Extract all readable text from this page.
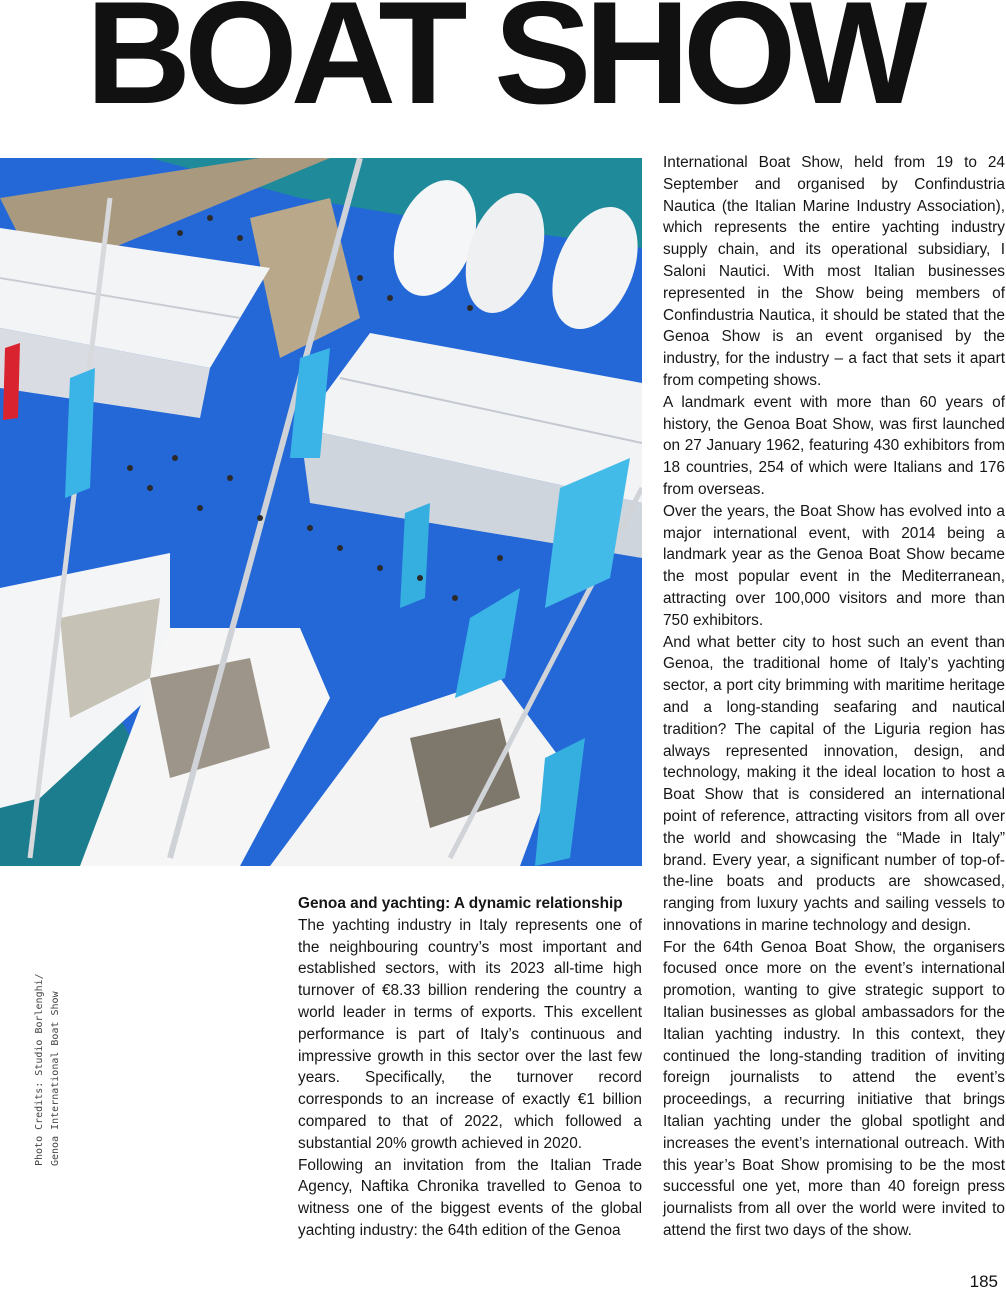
BOAT SHOW
Photo Credits: Studio Borlenghi/ Genoa International Boat Show

Genoa and yachting: A dynamic relationship

The yachting industry in Italy represents one of the neighbouring country’s most important and established sectors, with its 2023 all-time high turnover of €8.33 billion rendering the country a world leader in terms of exports. This excellent performance is part of Italy’s continuous and impressive growth in this sector over the last few years. Specifically, the turnover record corresponds to an increase of exactly €1 billion compared to that of 2022, which followed a substantial 20% growth achieved in 2020.

Following an invitation from the Italian Trade Agency, Naftika Chronika travelled to Genoa to witness one of the biggest events of the global yachting industry: the 64th edition of the Genoa

International Boat Show, held from 19 to 24 September and organised by Confindustria Nautica (the Italian Marine Industry Association), which represents the entire yachting industry supply chain, and its operational subsidiary, I Saloni Nautici. With most Italian businesses represented in the Show being members of Confindustria Nautica, it should be stated that the Genoa Show is an event organised by the industry, for the industry – a fact that sets it apart from competing shows.

A landmark event with more than 60 years of history, the Genoa Boat Show, was first launched on 27 January 1962, featuring 430 exhibitors from 18 countries, 254 of which were Italians and 176 from overseas.

Over the years, the Boat Show has evolved into a major international event, with 2014 being a landmark year as the Genoa Boat Show became the most popular event in the Mediterranean, attracting over 100,000 visitors and more than 750 exhibitors.

And what better city to host such an event than Genoa, the traditional home of Italy’s yachting sector, a port city brimming with maritime heritage and a long-standing seafaring and nautical tradition? The capital of the Liguria region has always represented innovation, design, and technology, making it the ideal location to host a Boat Show that is considered an international point of reference, attracting visitors from all over the world and showcasing the “Made in Italy” brand. Every year, a significant number of top-of-the-line boats and products are showcased, ranging from luxury yachts and sailing vessels to innovations in marine technology and design.

For the 64th Genoa Boat Show, the organisers focused once more on the event’s international promotion, wanting to give strategic support to Italian businesses as global ambassadors for the Italian yachting industry. In this context, they continued the long-standing tradition of inviting foreign journalists to attend the event’s proceedings, a recurring initiative that brings Italian yachting under the global spotlight and increases the event’s international outreach. With this year’s Boat Show promising to be the most successful one yet, more than 40 foreign press journalists from all over the world were invited to attend the first two days of the show.

185
